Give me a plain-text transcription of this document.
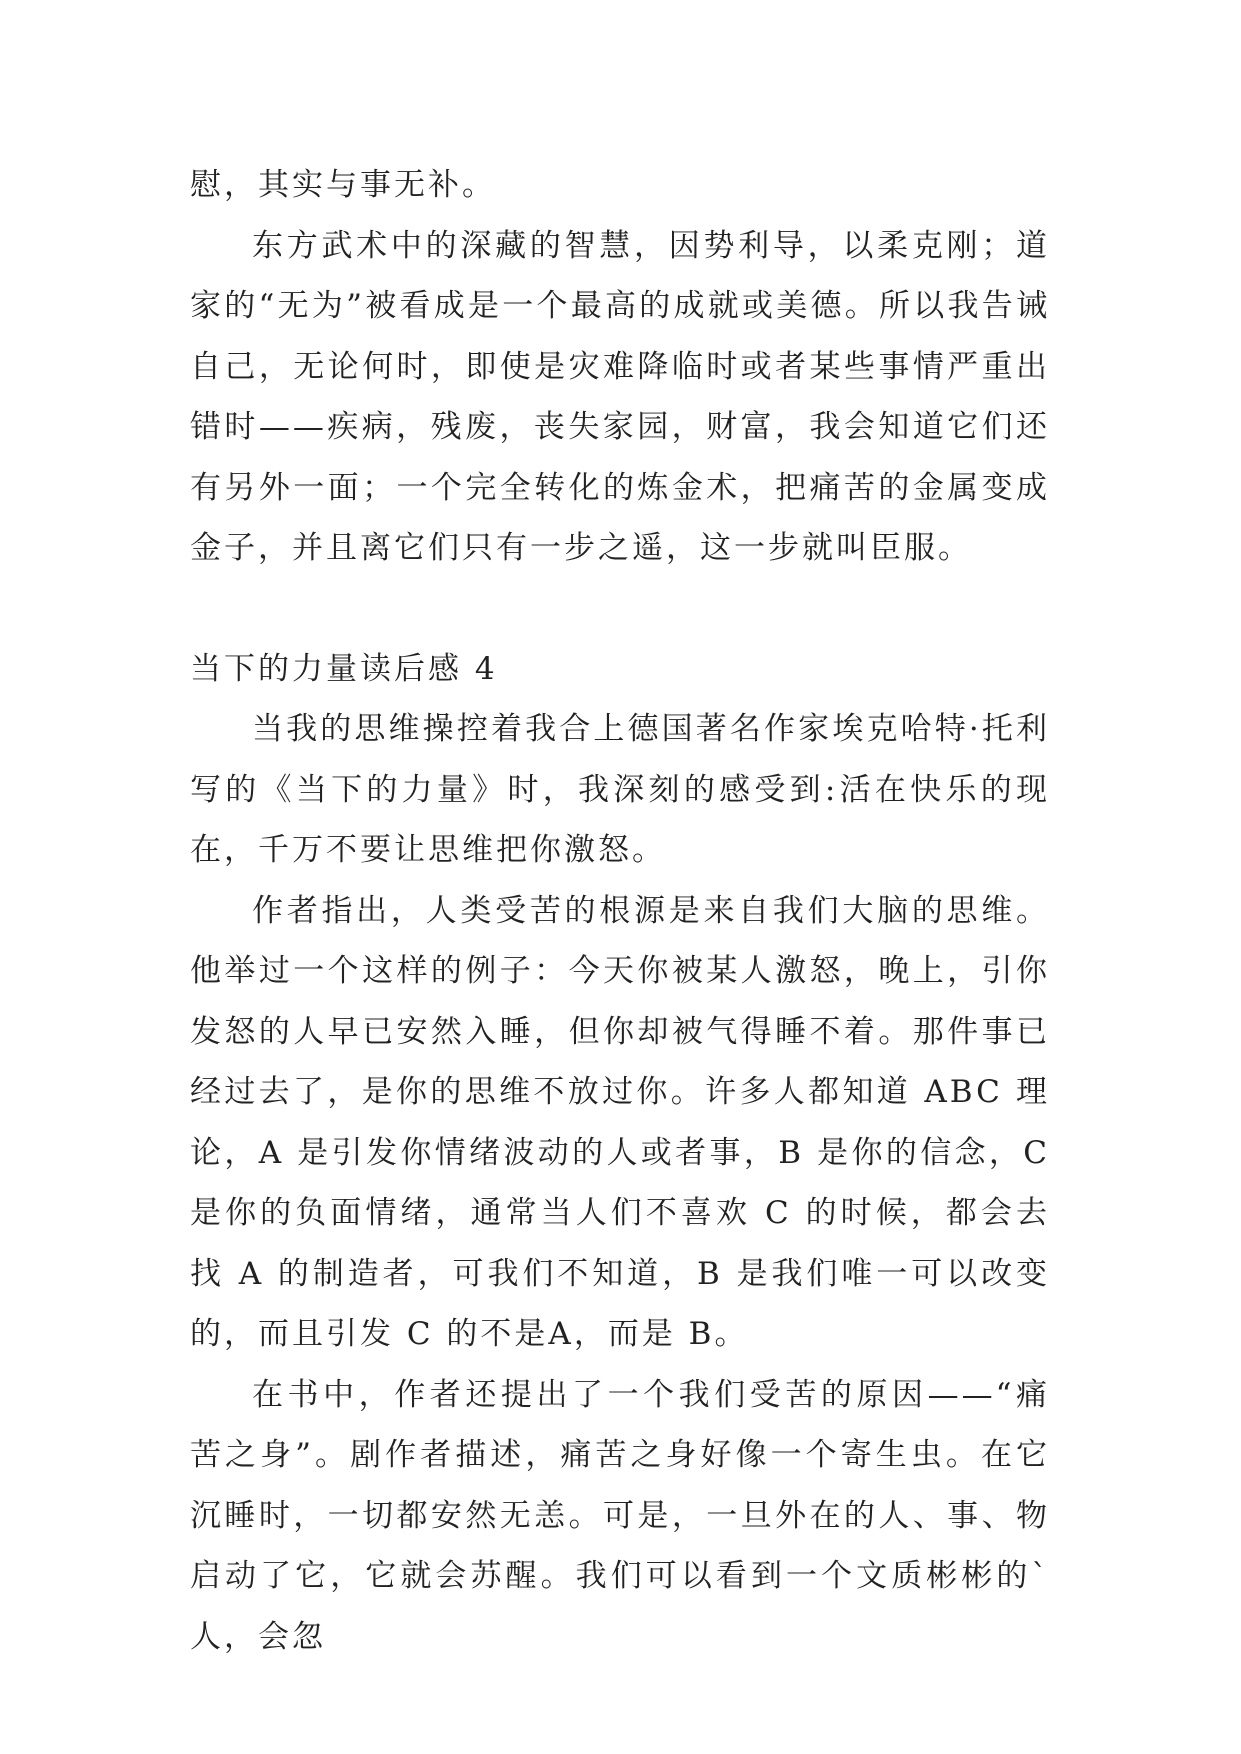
慰，其实与事无补。

东方武术中的深藏的智慧，因势利导，以柔克刚；道家的“无为”被看成是一个最高的成就或美德。所以我告诫自己，无论何时，即使是灾难降临时或者某些事情严重出错时——疾病，残废，丧失家园，财富，我会知道它们还有另外一面；一个完全转化的炼金术，把痛苦的金属变成金子，并且离它们只有一步之遥，这一步就叫臣服。

当下的力量读后感 4

当我的思维操控着我合上德国著名作家埃克哈特·托利写的《当下的力量》时，我深刻的感受到:活在快乐的现在，千万不要让思维把你激怒。

作者指出，人类受苦的根源是来自我们大脑的思维。他举过一个这样的例子：今天你被某人激怒，晚上，引你发怒的人早已安然入睡，但你却被气得睡不着。那件事已经过去了，是你的思维不放过你。许多人都知道 ABC 理论，A 是引发你情绪波动的人或者事，B 是你的信念，C 是你的负面情绪，通常当人们不喜欢 C 的时候，都会去找 A 的制造者，可我们不知道，B 是我们唯一可以改变的，而且引发 C 的不是A，而是 B。

在书中，作者还提出了一个我们受苦的原因——“痛苦之身”。剧作者描述，痛苦之身好像一个寄生虫。在它沉睡时，一切都安然无恙。可是，一旦外在的人、事、物启动了它，它就会苏醒。我们可以看到一个文质彬彬的`人，会忽
